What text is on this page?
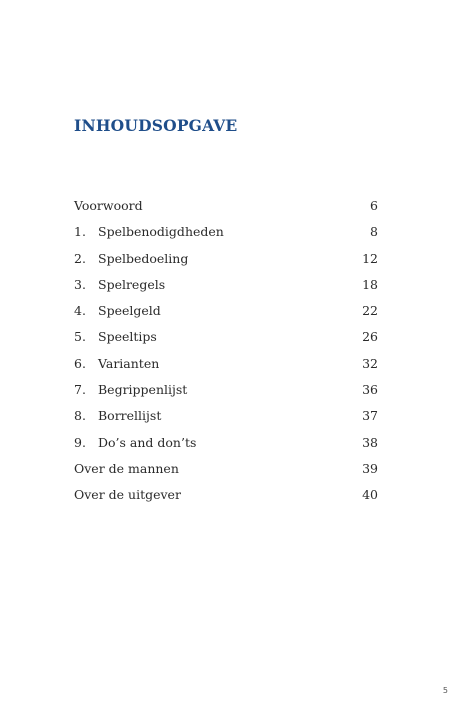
INHOUDSOPGAVE
Voorwoord	6
1. Spelbenodigdheden	8
2. Spelbedoeling	12
3. Spelregels	18
4. Speelgeld	22
5. Speeltips	26
6. Varianten	32
7. Begrippenlijst	36
8. Borrellijst	37
9. Do’s and don’ts	38
Over de mannen	39
Over de uitgever	40
5
